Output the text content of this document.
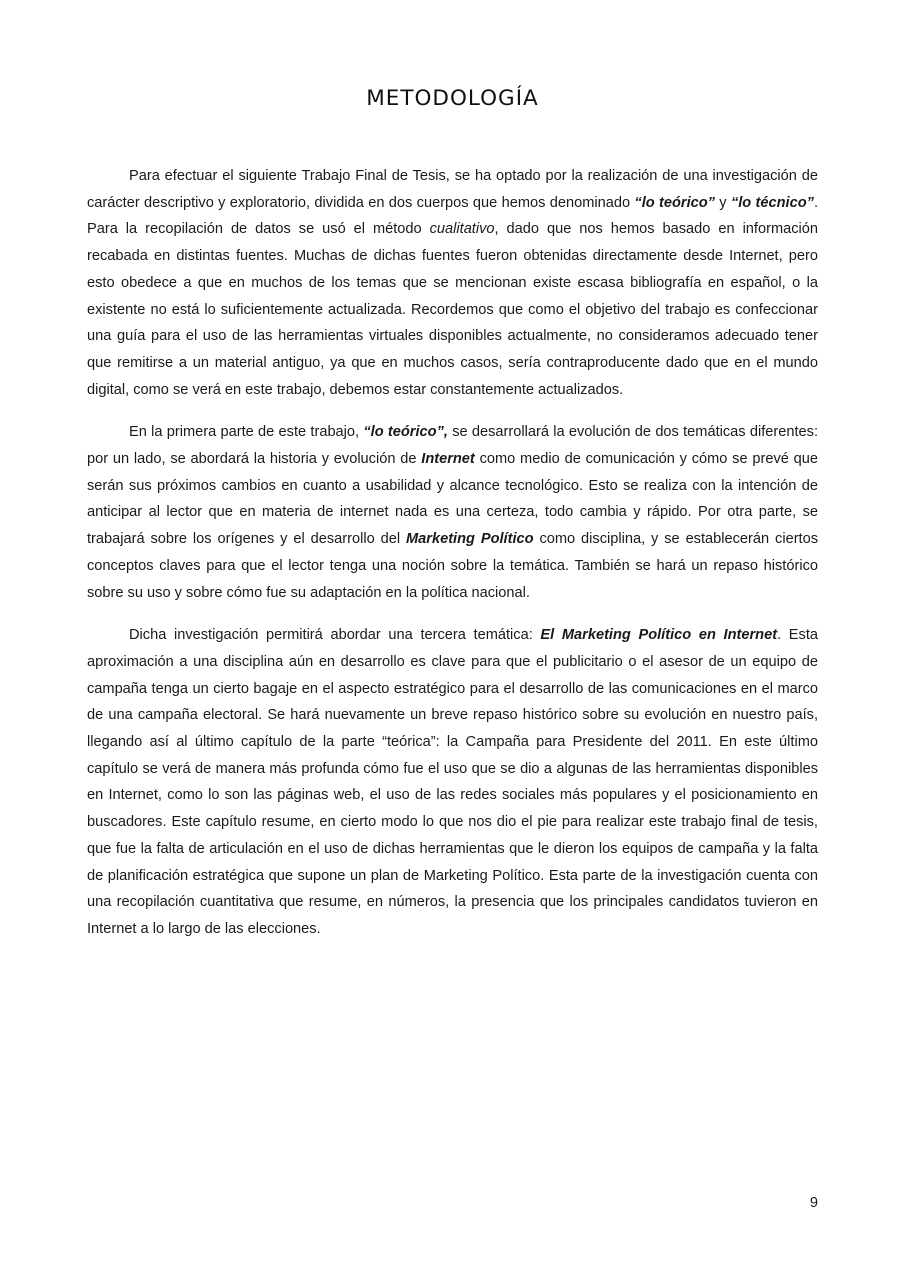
METODOLOGÍA

Para efectuar el siguiente Trabajo Final de Tesis, se ha optado por la realización de una investigación de carácter descriptivo y exploratorio, dividida en dos cuerpos que hemos denominado “lo teórico” y “lo técnico”. Para la recopilación de datos se usó el método cualitativo, dado que nos hemos basado en información recabada en distintas fuentes. Muchas de dichas fuentes fueron obtenidas directamente desde Internet, pero esto obedece a que en muchos de los temas que se mencionan existe escasa bibliografía en español, o la existente no está lo suficientemente actualizada. Recordemos que como el objetivo del trabajo es confeccionar una guía para el uso de las herramientas virtuales disponibles actualmente, no consideramos adecuado tener que remitirse a un material antiguo, ya que en muchos casos, sería contraproducente dado que en el mundo digital, como se verá en este trabajo, debemos estar constantemente actualizados.

En la primera parte de este trabajo, “lo teórico”, se desarrollará la evolución de dos temáticas diferentes: por un lado, se abordará la historia y evolución de Internet como medio de comunicación y cómo se prevé que serán sus próximos cambios en cuanto a usabilidad y alcance tecnológico. Esto se realiza con la intención de anticipar al lector que en materia de internet nada es una certeza, todo cambia y rápido. Por otra parte, se trabajará sobre los orígenes y el desarrollo del Marketing Político como disciplina, y se establecerán ciertos conceptos claves para que el lector tenga una noción sobre la temática. También se hará un repaso histórico sobre su uso y sobre cómo fue su adaptación en la política nacional.

Dicha investigación permitirá abordar una tercera temática: El Marketing Político en Internet. Esta aproximación a una disciplina aún en desarrollo es clave para que el publicitario o el asesor de un equipo de campaña tenga un cierto bagaje en el aspecto estratégico para el desarrollo de las comunicaciones en el marco de una campaña electoral. Se hará nuevamente un breve repaso histórico sobre su evolución en nuestro país, llegando así al último capítulo de la parte “teórica”: la Campaña para Presidente del 2011. En este último capítulo se verá de manera más profunda cómo fue el uso que se dio a algunas de las herramientas disponibles en Internet, como lo son las páginas web, el uso de las redes sociales más populares y el posicionamiento en buscadores. Este capítulo resume, en cierto modo lo que nos dio el pie para realizar este trabajo final de tesis, que fue la falta de articulación en el uso de dichas herramientas que le dieron los equipos de campaña y la falta de planificación estratégica que supone un plan de Marketing Político. Esta parte de la investigación cuenta con una recopilación cuantitativa que resume, en números, la presencia que los principales candidatos tuvieron en Internet a lo largo de las elecciones.

9
